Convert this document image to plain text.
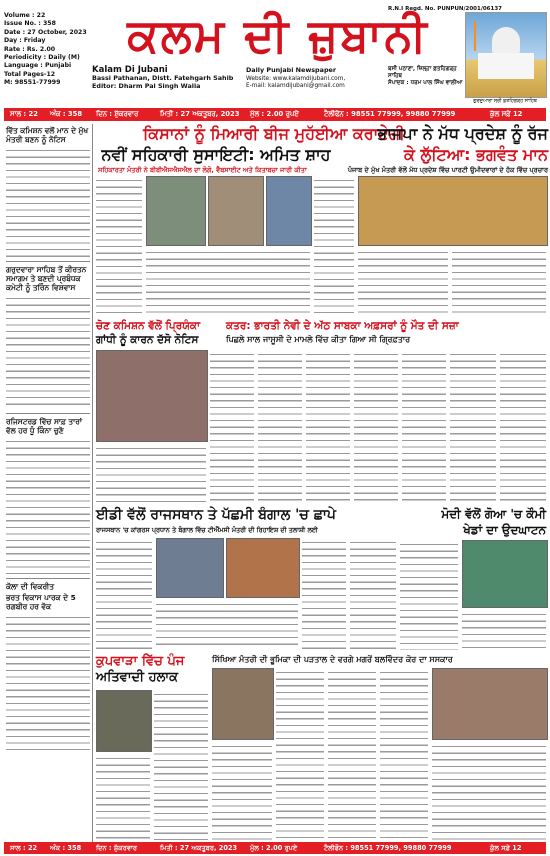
Volume : 22
Issue No. : 358
Date : 27 October, 2023
Day : Friday
Rate : Rs. 2.00
Periodicity : Daily (M)
Language : Punjabi
Total Pages-12
M: 98551-77999
R.N.I Regd. No. PUNPUN/2001/06137
ਕਲਮ ਦੀ ਜ਼ੁਬਾਨੀ
Kalam Di Jubani
Bassi Pathanan, Distt. Fatehgarh Sahib
Editor: Dharm Pal Singh Walia
Daily Punjabi Newspaper
Website: www.kalamdijubani.com,
E-mail: kalamdijubani@gmail.com
ਬਸੀ ਪਠਾਣਾ, ਜ਼ਿਲ੍ਹਾ ਫ਼ਤਹਿਗੜ੍ਹ ਸਾਹਿਬ
ਸੰਪਾਦਕ : ਧਰਮ ਪਾਲ ਸਿੰਘ ਵਾਲੀਆ
ਗੁਰਦੁਆਰਾ ਸ੍ਰੀ ਫ਼ਤਹਿਗੜ੍ਹ ਸਾਹਿਬ
ਸਾਲ : 22 ਅੰਕ : 358 ਦਿਨ : ਸ਼ੁੱਕਰਵਾਰ	ਮਿਤੀ : 27 ਅਕਤੂਬਰ, 2023 ਮੁੱਲ : 2.00 ਰੁਪਏ	ਟੈਲੀਫੋਨ : 98551 77999, 99880 77999	ਕੁੱਲ ਸਫ਼ੇ 12
ਵਿੱਤ ਕਮਿਸ਼ਨ ਵਲੋਂ ਮਾਨ ਦੇ ਮੁੱਖ ਮੰਤਰੀ ਬਣਨ ਨੂੰ ਨੋਟਿਸ
ਗਰੁਦਵਾਰਾ ਸਾਹਿਬ ਤੋਂ ਕੀਰਤਨ ਸਮਾਗਮ ਤੇ ਬਣਦੀ ਪ੍ਰਬੰਧਕ ਕਮੇਟੀ ਨੂੰ ਤਰਿੰਨ ਵਿਸ਼ਵਾਸ
ਰਜਿਸਟਰਡ ਵਿੱਚ ਸਾਫ਼ ਤਾਰਾਂ ਵੱਲ ਹਰ ਧੂੰ ਕਿੰਨਾ ਚੁਣੋ
ਕੋਲਾ ਦੀ ਵਿਕਰੀਤ
ਭਰਤ ਵਿਕਾਸ ਪਾਰਕ ਦੇ 5 ਰਗਬੀਰ ਹਰ ਵੋਕ
ਕਿਸਾਨਾਂ ਨੂੰ ਮਿਆਰੀ ਬੀਜ ਮੁਹੱਈਆ ਕਰਾਏਗੀ
ਨਵੀਂ ਸਹਿਕਾਰੀ ਸੁਸਾਇਟੀ: ਅਮਿਤ ਸ਼ਾਹ
ਸਹਿਕਾਰਤਾ ਮੰਤਰੀ ਨੇ ਬੀਬੀਐਸਐਸਐਲ ਦਾ ਲੋਗੋ, ਵੈੱਬਸਾਈਟ ਅਤੇ ਕਿਤਾਬਚਾ ਜਾਰੀ ਕੀਤਾ
ਭਾਜਪਾ ਨੇ ਮੱਧ ਪ੍ਰਦੇਸ਼ ਨੂੰ ਰੱਜ
ਕੇ ਲੁੱਟਿਆ: ਭਗਵੰਤ ਮਾਨ
ਪੰਜਾਬ ਦੇ ਮੁੱਖ ਮੰਤਰੀ ਵੱਲੋਂ ਮੱਧ ਪ੍ਰਦੇਸ਼ ਵਿੱਚ ਪਾਰਟੀ ਉਮੀਦਵਾਰਾਂ ਦੇ ਹੱਕ ਵਿੱਚ ਪ੍ਰਚਾਰ
ਚੋਣ ਕਮਿਸ਼ਨ ਵੱਲੋਂ ਪ੍ਰਿਯੰਕਾ
ਗਾਂਧੀ ਨੂੰ ਕਾਰਨ ਦੱਸੋ ਨੋਟਿਸ
ਕਤਰ: ਭਾਰਤੀ ਨੇਵੀ ਦੇ ਅੱਠ ਸਾਬਕਾ ਅਫ਼ਸਰਾਂ ਨੂੰ ਮੌਤ ਦੀ ਸਜ਼ਾ
ਪਿਛਲੇ ਸਾਲ ਜਾਸੂਸੀ ਦੇ ਮਾਮਲੇ ਵਿੱਚ ਕੀਤਾ ਗਿਆ ਸੀ ਗ੍ਰਿਫ਼ਤਾਰ
ਈਡੀ ਵੱਲੋਂ ਰਾਜਸਥਾਨ ਤੇ ਪੱਛਮੀ ਬੰਗਾਲ 'ਚ ਛਾਪੇ
ਰਾਜਸਥਾਨ 'ਚ ਕਾਂਗਰਸ ਪ੍ਰਧਾਨ ਤੇ ਬੰਗਾਲ ਵਿੱਚ ਟੀਐੱਮਸੀ ਮੰਤਰੀ ਦੀ ਰਿਹਾਇਸ਼ ਦੀ ਤਲਾਸ਼ੀ ਲਈ
ਮੋਦੀ ਵੱਲੋਂ ਗੋਆ 'ਚ ਕੌਮੀ
ਖੇਡਾਂ ਦਾ ਉਦਘਾਟਨ
ਕੁਪਵਾੜਾ ਵਿੱਚ ਪੰਜ
ਅਤਿਵਾਦੀ ਹਲਾਕ
ਸਿੱਖਿਆ ਮੰਤਰੀ ਦੀ ਭੂਮਿਕਾ ਦੀ ਪੜਤਾਲ ਦੇ ਵਰਗੇ ਮਗਰੋਂ ਬਲਵਿੰਦਰ ਕੋਰ ਦਾ ਸਸਕਾਰ
ਸਾਲ : 22 ਅੰਕ : 358 ਦਿਨ : ਸ਼ੁੱਕਰਵਾਰ	ਮਿਤੀ : 27 ਅਕਤੂਬਰ, 2023 ਮੁੱਲ : 2.00 ਰੁਪਏ	ਟੈਲੀਫੋਨ : 98551 77999, 99880 77999	ਕੁੱਲ ਸਫ਼ੇ 12
